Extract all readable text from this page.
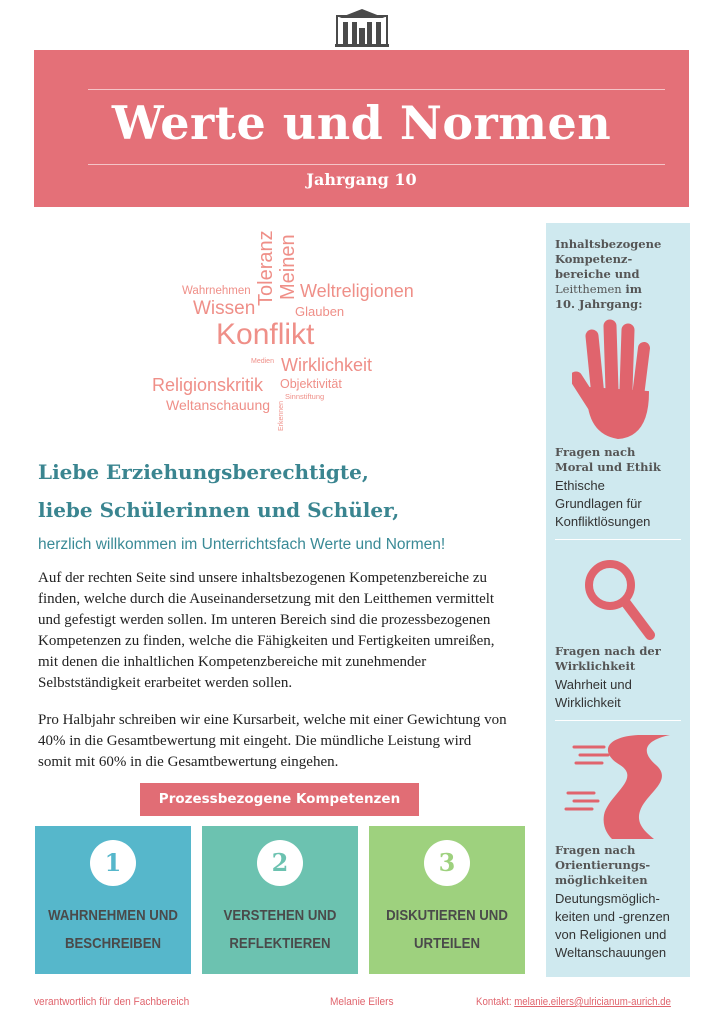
Werte und Normen
Jahrgang 10
Toleranz Meinen
Wahrnehmen	Weltreligionen
Wissen	Glauben
Konflikt
Medien Wirklichkeit
Religionskritik Objektivität
Sinnstiftung
Weltanschauung Erkennen
Liebe Erziehungsberechtigte,
liebe Schülerinnen und Schüler,
herzlich willkommen im Unterrichtsfach Werte und Normen!
Auf der rechten Seite sind unsere inhaltsbezogenen Kompetenzbereiche zu finden, welche durch die Auseinandersetzung mit den Leitthemen vermittelt und gefestigt werden sollen. Im unteren Bereich sind die prozessbezogenen Kompetenzen zu finden, welche die Fähigkeiten und Fertigkeiten umreißen, mit denen die inhaltlichen Kompetenzbereiche mit zunehmender Selbstständigkeit erarbeitet werden sollen.
Pro Halbjahr schreiben wir eine Kursarbeit, welche mit einer Gewichtung von 40% in die Gesamtbewertung mit eingeht. Die mündliche Leistung wird somit mit 60% in die Gesamtbewertung eingehen.
Prozessbezogene Kompetenzen
1
WAHRNEHMEN UND
BESCHREIBEN
2
VERSTEHEN UND
REFLEKTIEREN
3
DISKUTIEREN UND
URTEILEN
Inhaltsbezogene
Kompetenz-
bereiche und
Leitthemen im
10. Jahrgang:
Fragen nach
Moral und Ethik
Ethische
Grundlagen für
Konfliktlösungen
Fragen nach der
Wirklichkeit
Wahrheit und
Wirklichkeit
Fragen nach
Orientierungs-
möglichkeiten
Deutungsmöglich-
keiten und -grenzen
von Religionen und
Weltanschauungen
verantwortlich für den Fachbereich	Melanie Eilers	Kontakt: melanie.eilers@ulricianum-aurich.de
